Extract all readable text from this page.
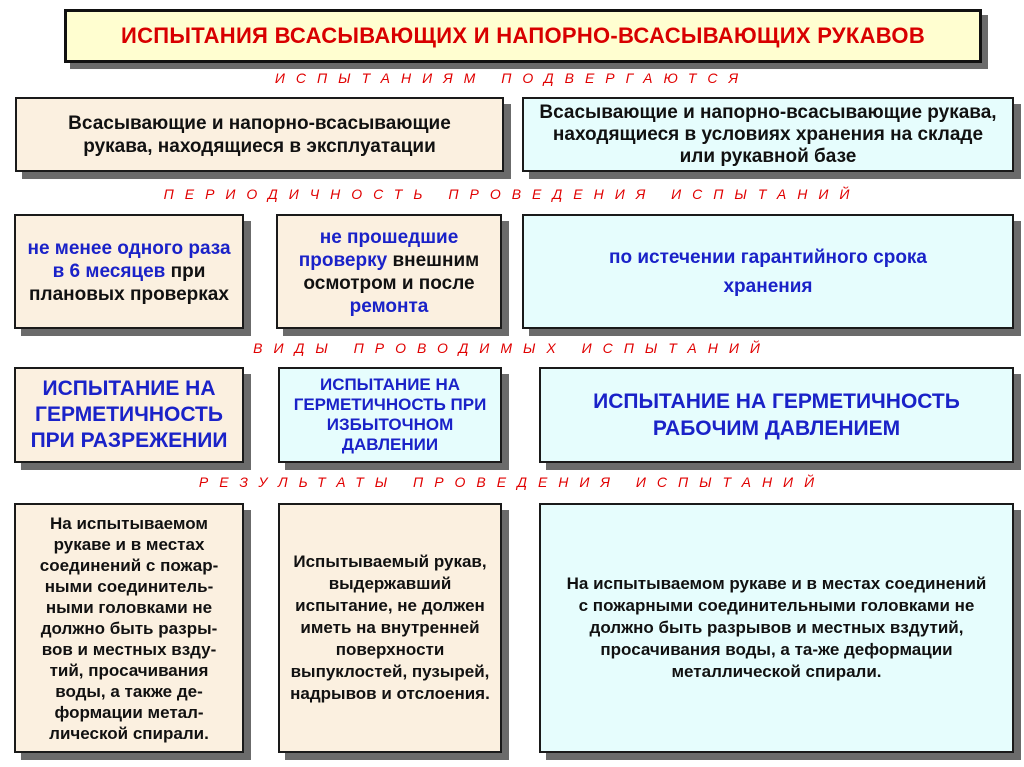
ИСПЫТАНИЯ ВСАСЫВАЮЩИХ И НАПОРНО-ВСАСЫВАЮЩИХ РУКАВОВ
ИСПЫТАНИЯМ ПОДВЕРГАЮТСЯ
Всасывающие и напорно-всасывающие рукава, находящиеся в эксплуатации
Всасывающие и напорно-всасывающие рукава, находящиеся в условиях хранения на складе или рукавной базе
ПЕРИОДИЧНОСТЬ ПРОВЕДЕНИЯ ИСПЫТАНИЙ
не менее одного раза в 6 месяцев при плановых проверках
не прошедшие проверку внешним осмотром и после ремонта
по истечении гарантийного срока хранения
ВИДЫ ПРОВОДИМЫХ ИСПЫТАНИЙ
ИСПЫТАНИЕ НА ГЕРМЕТИЧНОСТЬ ПРИ РАЗРЕЖЕНИИ
ИСПЫТАНИЕ НА ГЕРМЕТИЧНОСТЬ ПРИ ИЗБЫТОЧНОМ ДАВЛЕНИИ
ИСПЫТАНИЕ НА ГЕРМЕТИЧНОСТЬ РАБОЧИМ ДАВЛЕНИЕМ
РЕЗУЛЬТАТЫ ПРОВЕДЕНИЯ ИСПЫТАНИЙ
На испытываемом рукаве и в местах соединений с пожар-ными соединитель-ными головками не должно быть разры-вов и местных взду-тий, просачивания воды, а также де-формации метал-лической спирали.
Испытываемый рукав, выдержавший испытание, не должен иметь на внутренней поверхности выпуклостей, пузырей, надрывов и отслоения.
На испытываемом рукаве и в местах соединений с пожарными соединительными головками не должно быть разрывов и местных вздутий, просачивания воды, а та-же деформации металлической спирали.
